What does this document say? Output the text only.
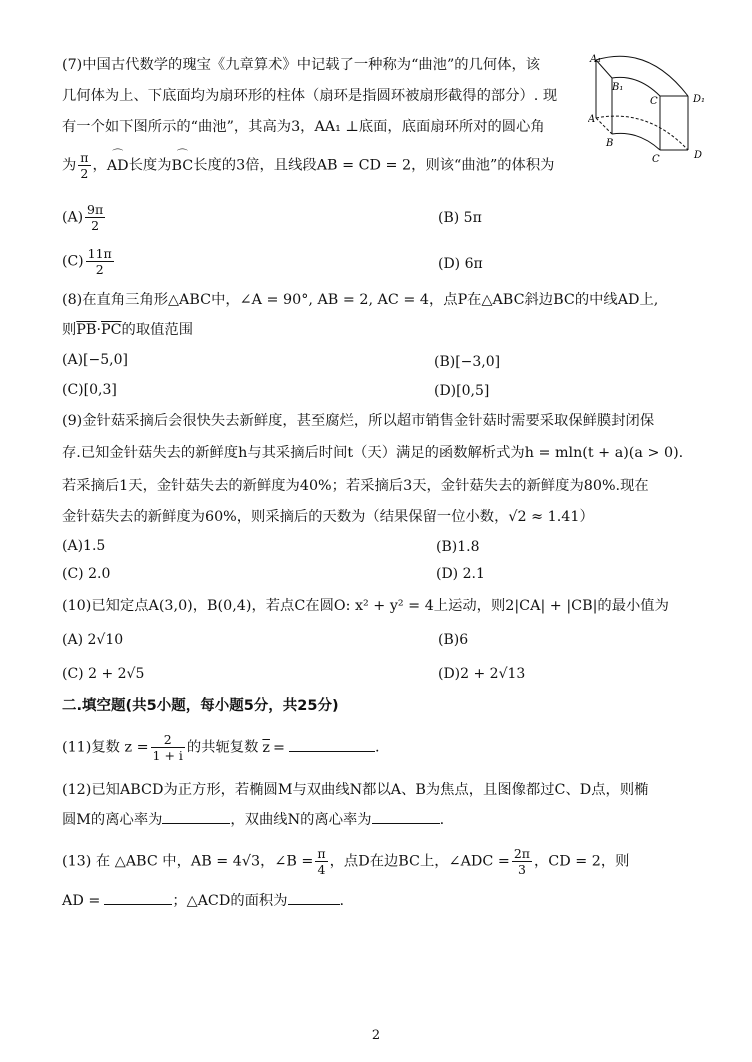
(7)中国古代数学的瑰宝《九章算术》中记载了一种称为“曲池”的几何体，该
几何体为上、下底面均为扇环形的柱体（扇环是指圆环被扇形截得的部分）. 现
有一个如下图所示的“曲池”，其高为3，AA₁ ⊥底面，底面扇环所对的圆心角
为 $\frac{\pi}{2}$ ，⌒ AD长度为⌒ BC长度的3倍，且线段AB = CD = 2，则该“曲池”的体积为
A₁
B₁
C	D₁
A
B
C	D
$(A) \frac{9\pi}{2}$	(B) 5π
$(C) \frac{11\pi}{2}$	(D) 6π
(8)在直角三角形△ABC中，∠A = 90°, AB = 2, AC = 4，点P在△ABC斜边BC的中线AD上,
则$\overline{PB}\cdot\overline{PC}$的取值范围
(A)[−5,0]	(B)[−3,0]
(C)[0,3]	(D)[0,5]
(9)金针菇采摘后会很快失去新鲜度，甚至腐烂，所以超市销售金针菇时需要采取保鲜膜封闭保
存.已知金针菇失去的新鲜度h与其采摘后时间t（天）满足的函数解析式为h = mln(t + a)(a > 0).
若采摘后1天，金针菇失去的新鲜度为40%；若采摘后3天，金针菇失去的新鲜度为80%.现在
金针菇失去的新鲜度为60%，则采摘后的天数为（结果保留一位小数，√2 ≈ 1.41）
(A)1.5	(B)1.8
(C) 2.0	(D) 2.1
(10)已知定点A(3,0)，B(0,4)，若点C在圆O: x² + y² = 4上运动，则2|CA| + |CB|的最小值为
(A) 2√10	(B)6
(C) 2 + 2√5	(D)2 + 2√13
二.填空题(共5小题，每小题5分，共25分)
(11)复数 $z = \frac{2}{1 + i}$ 的共轭复数 $\overline{z}$ =	.
(12)已知ABCD为正方形，若椭圆M与双曲线N都以A、B为焦点，且图像都过C、D点，则椭
圆M的离心率为	，双曲线N的离心率为	.
(13) 在 △ABC 中，AB = 4√3，∠B = $\frac{\pi}{4}$ ，点D在边BC上，∠ADC = $\frac{2\pi}{3}$ ，CD = 2，则
AD =	；△ACD的面积为	.
2
